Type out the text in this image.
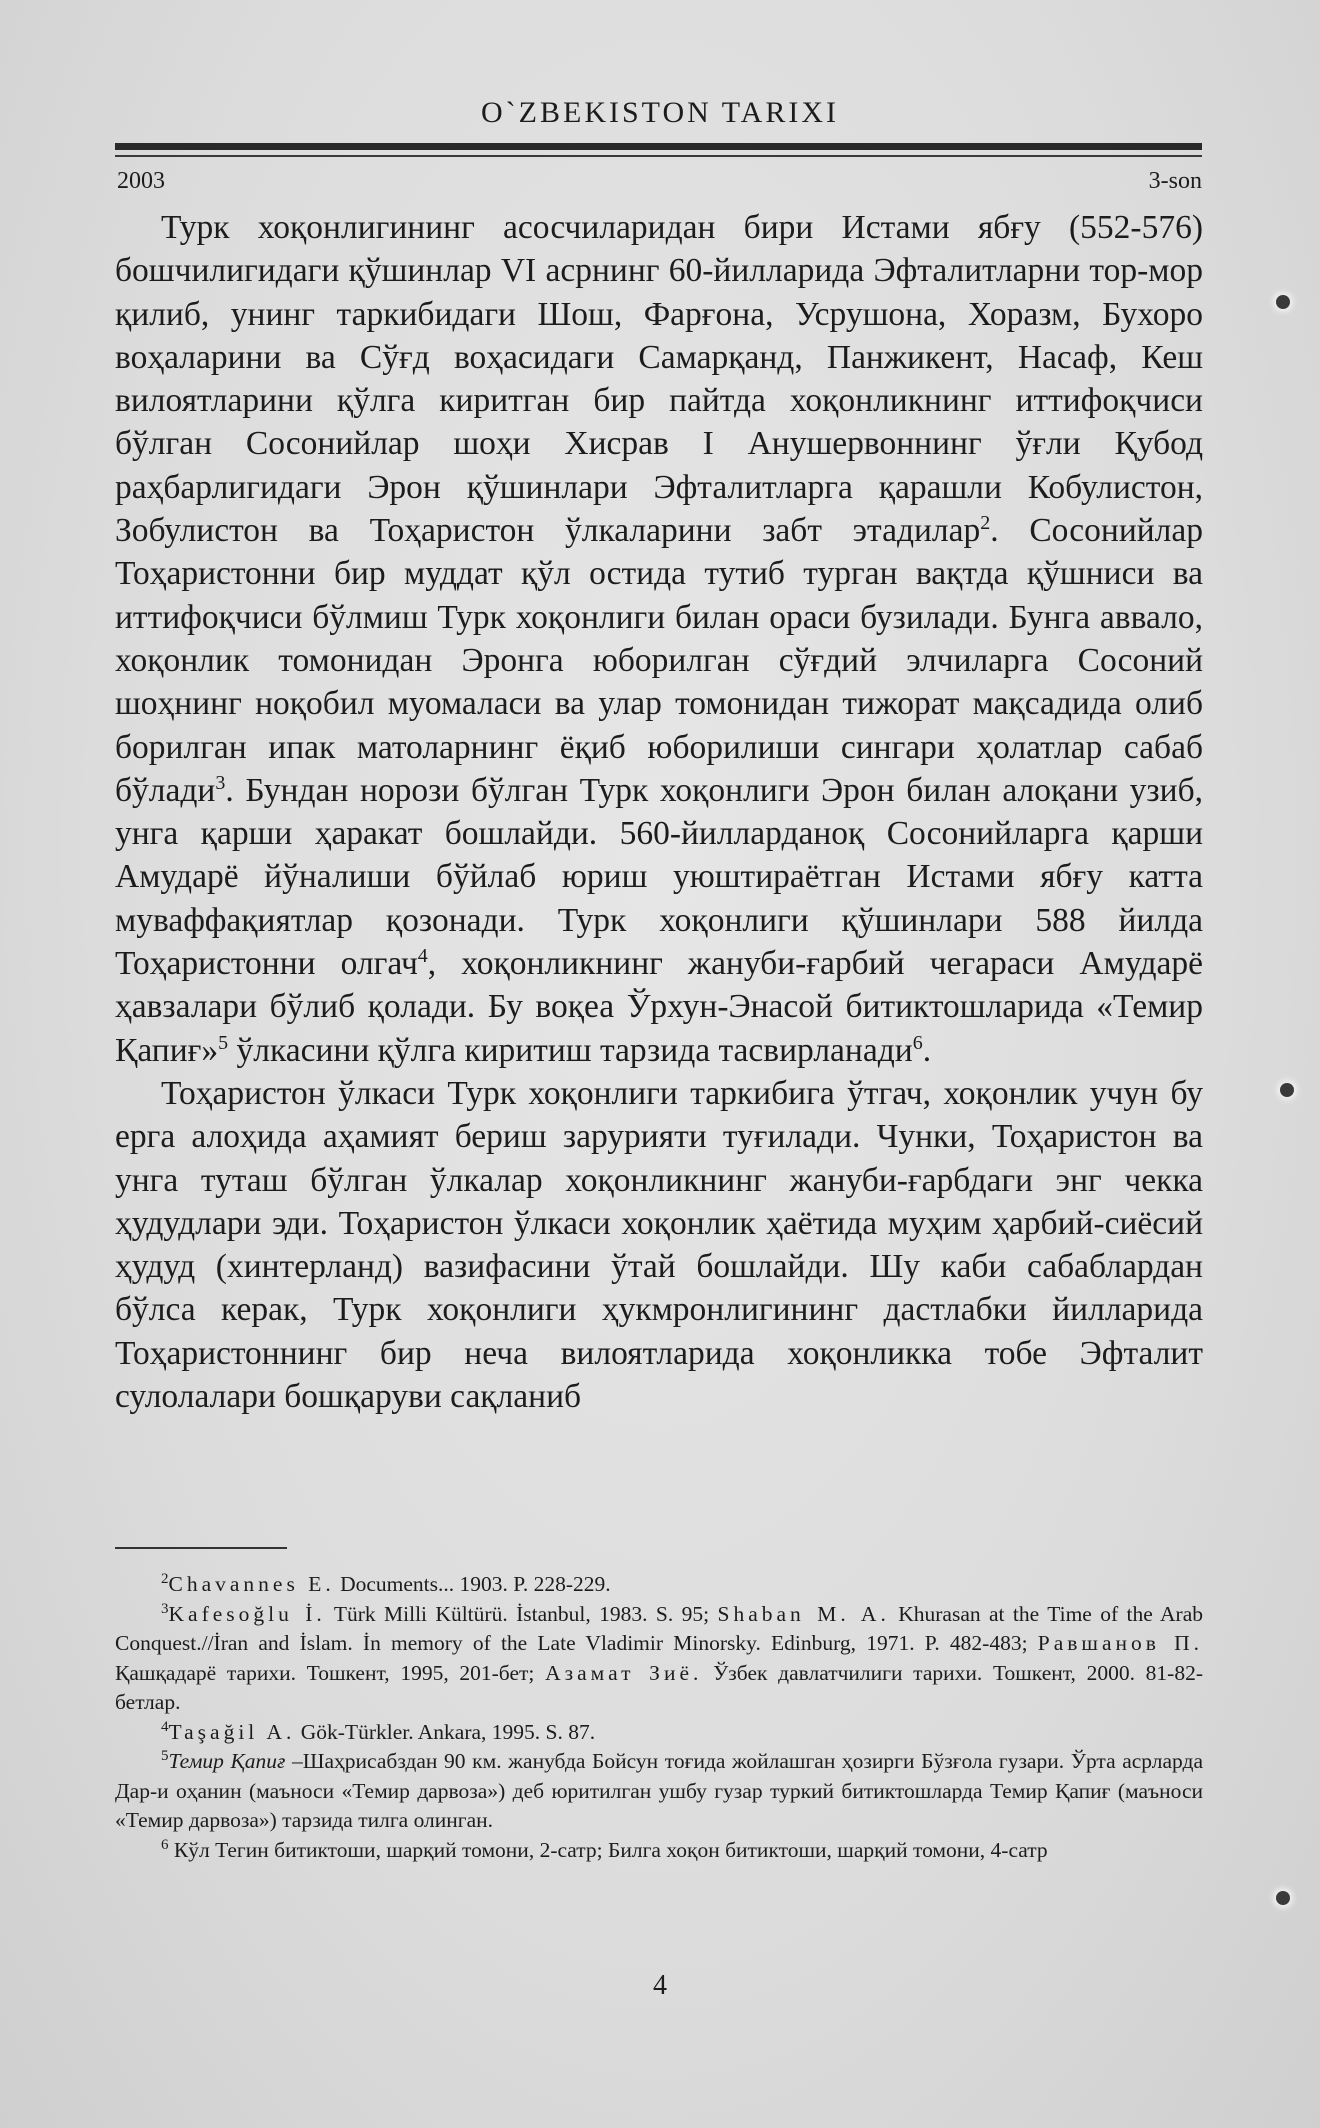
O`ZBEKISTON TARIXI
2003	3-son

Турк хоқонлигининг асосчиларидан бири Истами ябғу (552-576) бошчилигидаги қўшинлар VI асрнинг 60-йилларида Эфталитларни тор-мор қилиб, унинг таркибидаги Шош, Фарғона, Усрушона, Хоразм, Бухоро воҳаларини ва Сўғд воҳасидаги Самарқанд, Панжикент, Насаф, Кеш вилоятларини қўлга киритган бир пайтда хоқонликнинг иттифоқчиси бўлган Сосонийлар шоҳи Хисрав I Анушервоннинг ўғли Қубод раҳбарлигидаги Эрон қўшинлари Эфталитларга қарашли Кобулистон, Зобулистон ва Тоҳаристон ўлкаларини забт этадилар$^2$. Сосонийлар Тоҳаристонни бир муддат қўл остида тутиб турган вақтда қўшниси ва иттифоқчиси бўлмиш Турк хоқонлиги билан ораси бузилади. Бунга аввало, хоқонлик томонидан Эронга юборилган сўғдий элчиларга Сосоний шоҳнинг ноқобил муомаласи ва улар томонидан тижорат мақсадида олиб борилган ипак матоларнинг ёқиб юборилиши сингари ҳолатлар сабаб бўлади$^3$. Бундан норози бўлган Турк хоқонлиги Эрон билан алоқани узиб, унга қарши ҳаракат бошлайди. 560-йилларданоқ Сосонийларга қарши Амударё йўналиши бўйлаб юриш уюштираётган Истами ябғу катта муваффақиятлар қозонади. Турк хоқонлиги қўшинлари 588 йилда Тоҳаристонни олгач$^4$, хоқонликнинг жануби-ғарбий чегараси Амударё ҳавзалари бўлиб қолади. Бу воқеа Ўрхун-Энасой битиктошларида «Темир Қапиғ»$^5$ ўлкасини қўлга киритиш тарзида тасвирланади$^6$.

Тоҳаристон ўлкаси Турк хоқонлиги таркибига ўтгач, хоқонлик учун бу ерга алоҳида аҳамият бериш зарурияти туғилади. Чунки, Тоҳаристон ва унга туташ бўлган ўлкалар хоқонликнинг жануби-ғарбдаги энг чекка ҳудудлари эди. Тоҳаристон ўлкаси хоқонлик ҳаётида муҳим ҳарбий-сиёсий ҳудуд (хинтерланд) вазифасини ўтай бошлайди. Шу каби сабаблардан бўлса керак, Турк хоқонлиги ҳукмронлигининг дастлабки йилларида Тоҳаристоннинг бир неча вилоятларида хоқонликка тобе Эфталит сулолалари бошқаруви сақланиб

$^2$Chavannes E. Documents... 1903. P. 228-229.

$^3$Kafesoğlu İ. Türk Milli Kültürü. İstanbul, 1983. S. 95; Shaban M. A. Khurasan at the Time of the Arab Conquest.//İran and İslam. İn memory of the Late Vladimir Minorsky. Edinburg, 1971. P. 482-483; Равшанов П. Қашқадарё тарихи. Тошкент, 1995, 201-бет; Азамат Зиё. Ўзбек давлатчилиги тарихи. Тошкент, 2000. 81-82-бетлар.

$^4$Taşağil A. Gök-Türkler. Ankara, 1995. S. 87.

$^5$Темир Қапиғ –Шаҳрисабздан 90 км. жанубда Бойсун тоғида жойлашган ҳозирги Бўзғола гузари. Ўрта асрларда Дар-и оҳанин (маъноси «Темир дарвоза») деб юритилган ушбу гузар туркий битиктошларда Темир Қапиғ (маъноси «Темир дарвоза») тарзида тилга олинган.

$^6$ Кўл Тегин битиктоши, шарқий томони, 2-сатр; Билга хоқон битиктоши, шарқий томони, 4-сатр

4
